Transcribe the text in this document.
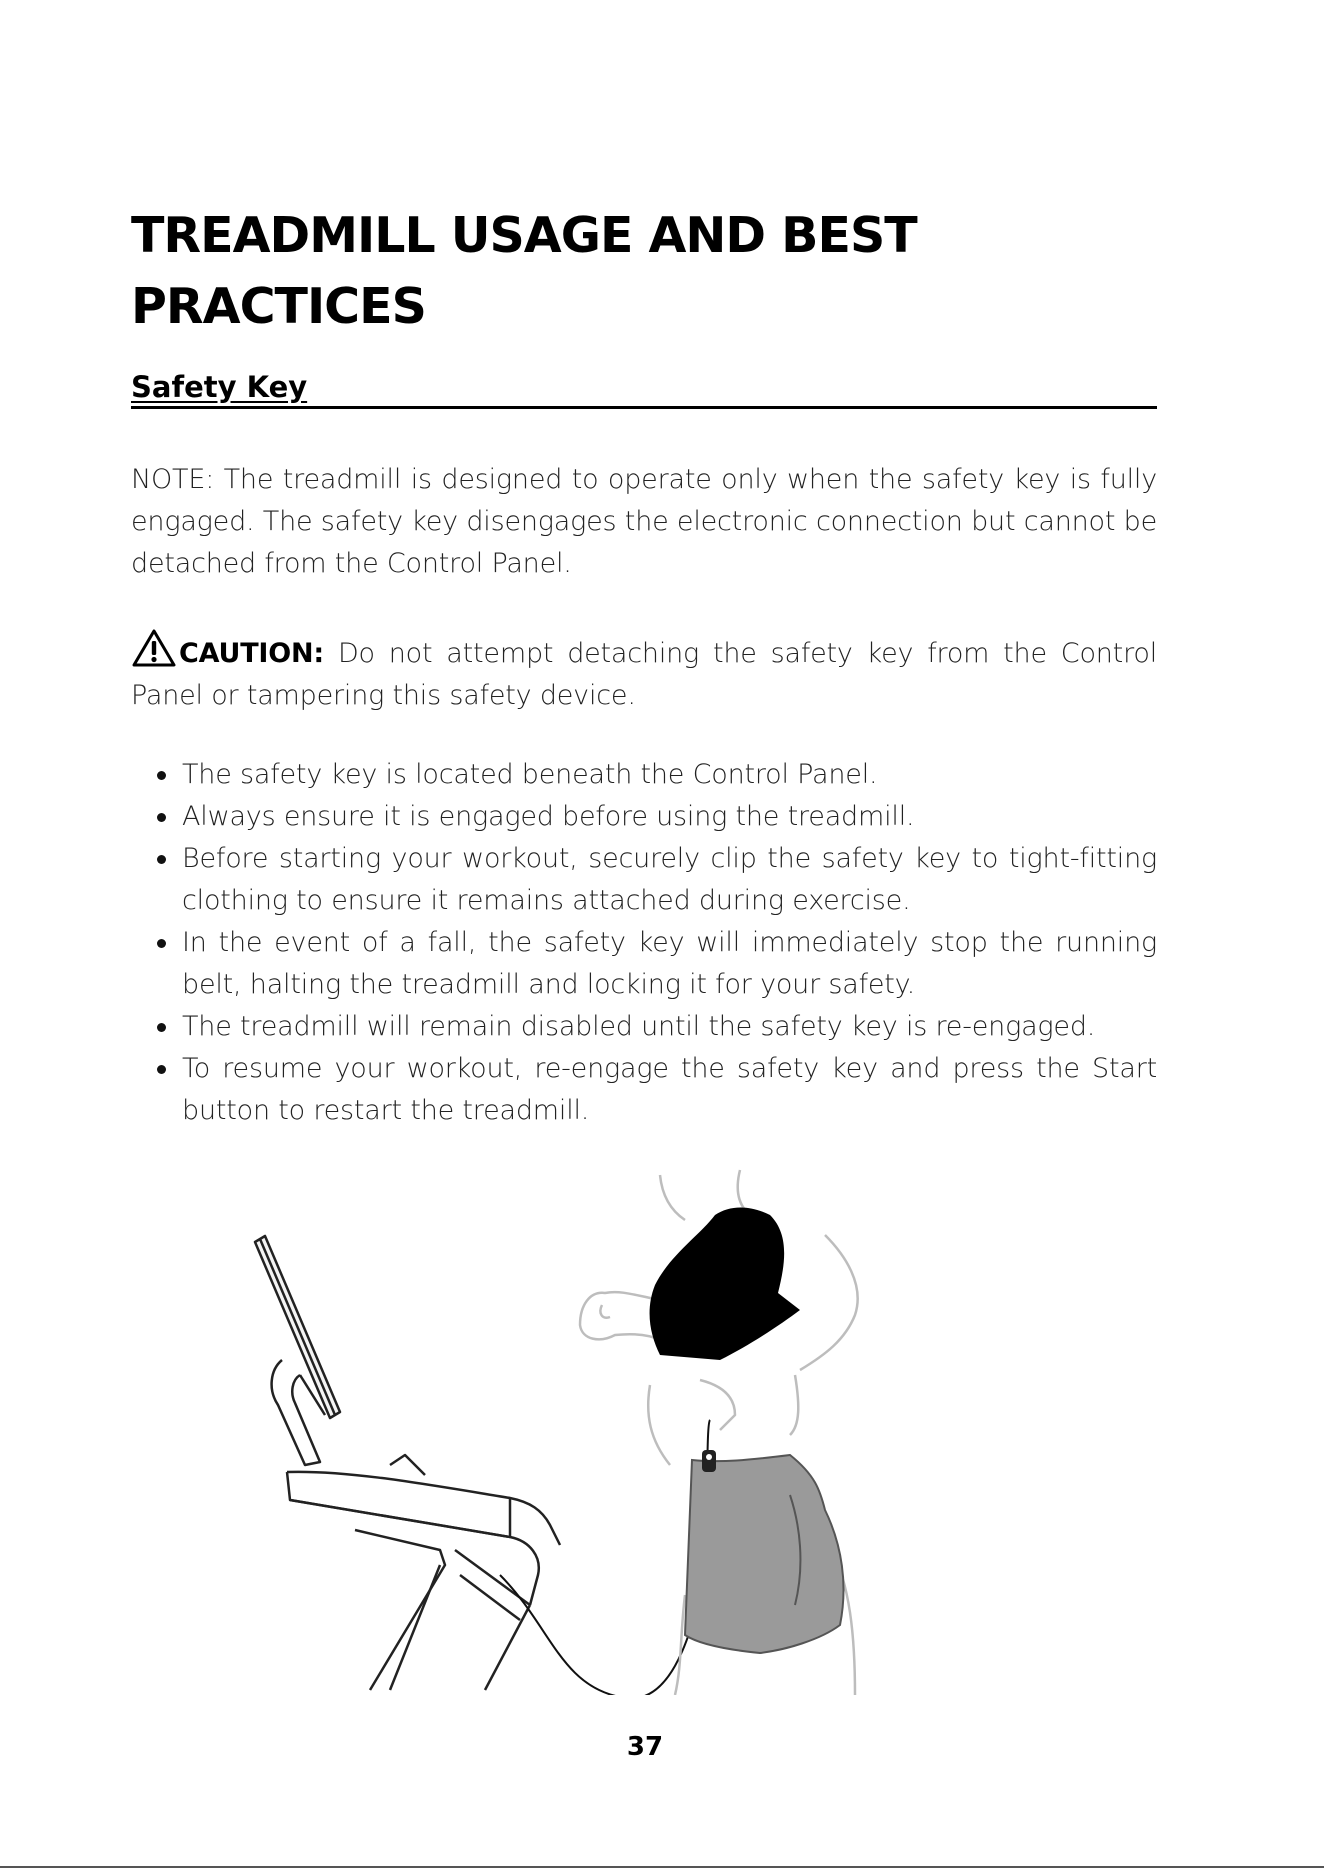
TREADMILL USAGE AND BEST
PRACTICES
Safety Key

NOTE: The treadmill is designed to operate only when the safety key is fully engaged. The safety key disengages the electronic connection but cannot be detached from the Control Panel.

CAUTION: Do not attempt detaching the safety key from the Control Panel or tampering this safety device.

The safety key is located beneath the Control Panel.
Always ensure it is engaged before using the treadmill.
Before starting your workout, securely clip the safety key to tight-fitting clothing to ensure it remains attached during exercise.
In the event of a fall, the safety key will immediately stop the running belt, halting the treadmill and locking it for your safety.
The treadmill will remain disabled until the safety key is re-engaged.
To resume your workout, re-engage the safety key and press the Start button to restart the treadmill.
37
